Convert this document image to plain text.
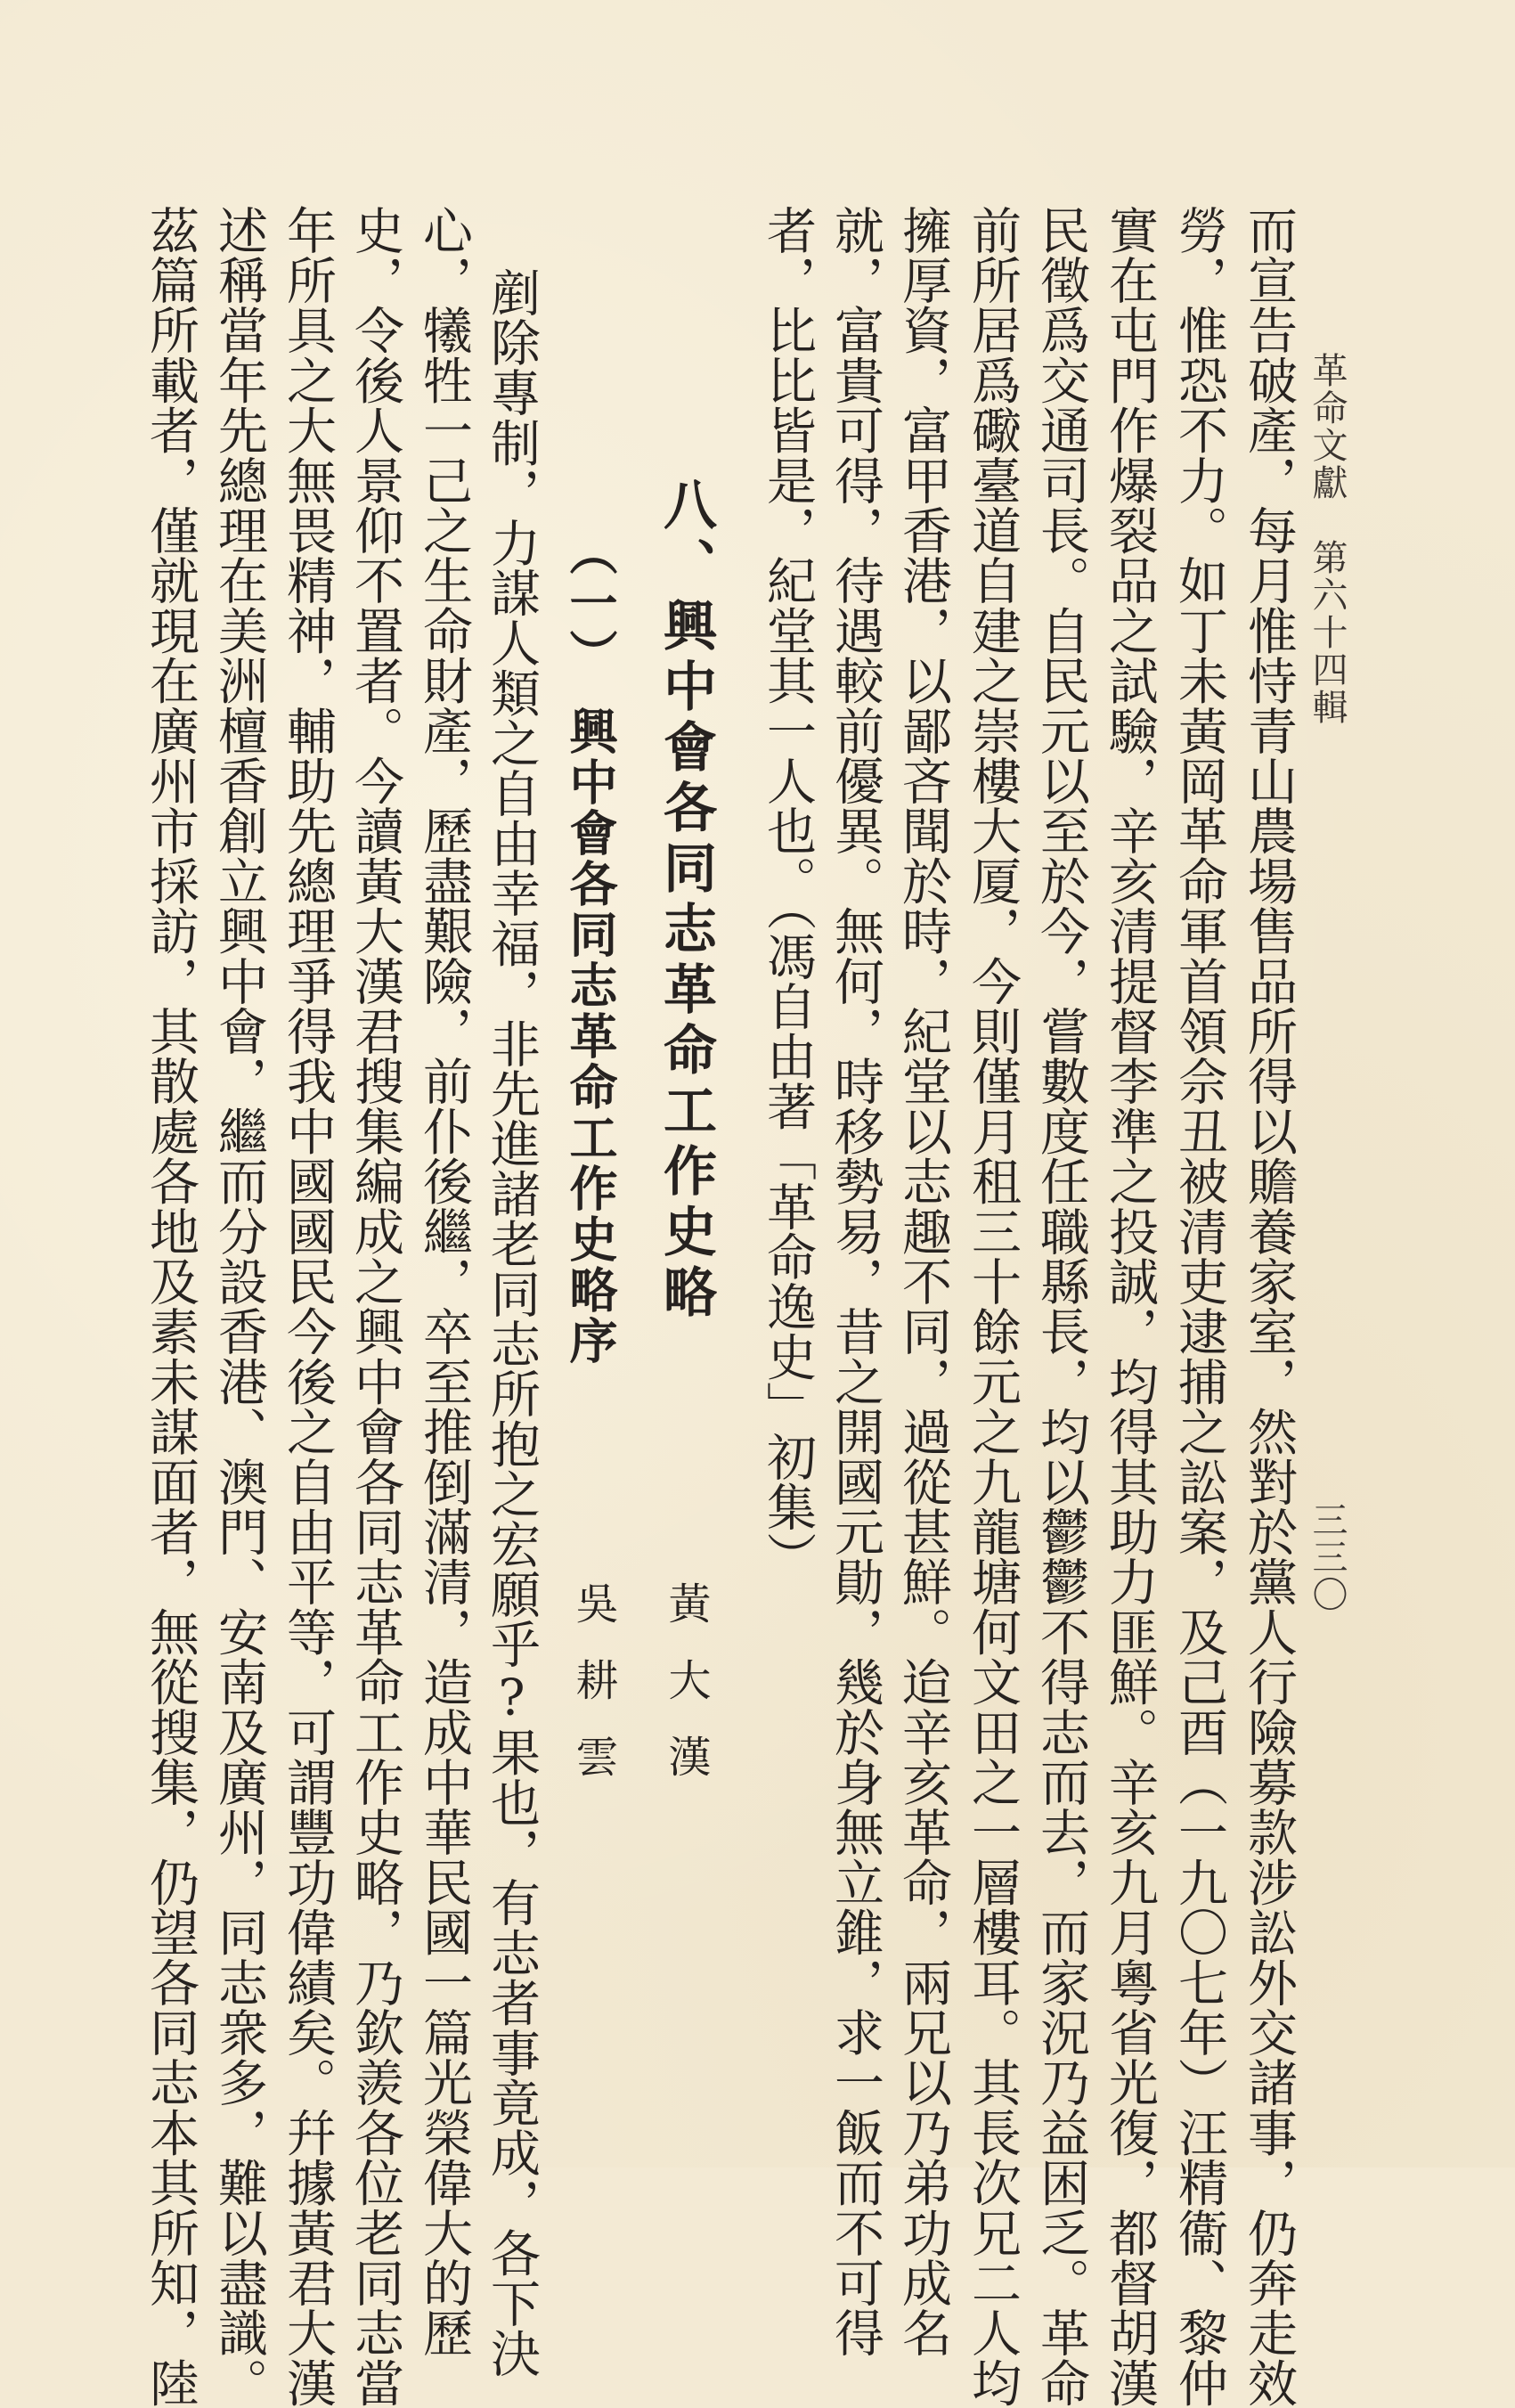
革命文獻　第六十四輯
三三〇
而宣告破產，每月惟恃青山農場售品所得以贍養家室，然對於黨人行險募款涉訟外交諸事，仍奔走效
勞，惟恐不力。如丁未黃岡革命軍首領佘丑被清吏逮捕之訟案，及己酉（一九〇七年）汪精衞、黎仲
實在屯門作爆裂品之試驗，辛亥清提督李準之投誠，均得其助力匪鮮。辛亥九月粵省光復，都督胡漢
民徵爲交通司長。自民元以至於今，嘗數度任職縣長，均以鬱鬱不得志而去，而家況乃益困乏。革命
前所居爲礮臺道自建之崇樓大厦，今則僅月租三十餘元之九龍塘何文田之一層樓耳。其長次兄二人均
擁厚資，富甲香港，以鄙吝聞於時，紀堂以志趣不同，過從甚鮮。迨辛亥革命，兩兄以乃弟功成名
就，富貴可得，待遇較前優異。無何，時移勢易，昔之開國元勛，幾於身無立錐，求一飯而不可得
者，比比皆是，紀堂其一人也。（馮自由著「革命逸史」初集）
八、興中會各同志革命工作史略
黃大漢
（一）　興中會各同志革命工作史略序
吳耕雲
剷除專制，力謀人類之自由幸福，非先進諸老同志所抱之宏願乎?果也，有志者事竟成，各下決
心，犧牲一己之生命財產，歷盡艱險，前仆後繼，卒至推倒滿清，造成中華民國一篇光榮偉大的歷
史，令後人景仰不置者。今讀黃大漢君搜集編成之興中會各同志革命工作史略，乃欽羨各位老同志當
年所具之大無畏精神，輔助先總理爭得我中國國民今後之自由平等，可謂豐功偉績矣。幷據黃君大漢
述稱當年先總理在美洲檀香創立興中會，繼而分設香港、澳門、安南及廣州，同志衆多，難以盡識。
茲篇所載者，僅就現在廣州市採訪，其散處各地及素未謀面者，無從搜集，仍望各同志本其所知，陸
